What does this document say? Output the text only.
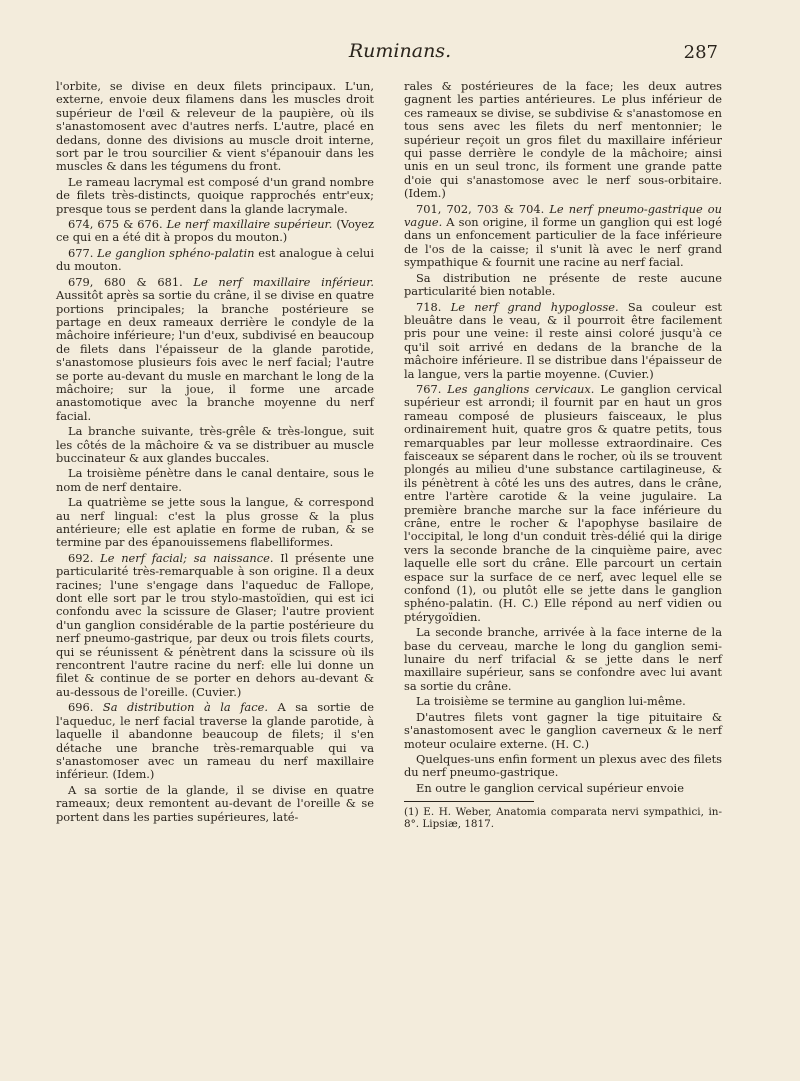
Ruminans.	287

l'orbite, se divise en deux filets principaux. L'un, externe, envoie deux filamens dans les muscles droit supérieur de l'œil & releveur de la paupière, où ils s'anastomosent avec d'autres nerfs. L'autre, placé en dedans, donne des divisions au muscle droit interne, sort par le trou sourcilier & vient s'épanouir dans les muscles & dans les tégumens du front.

Le rameau lacrymal est composé d'un grand nombre de filets très-distincts, quoique rapprochés entr'eux; presque tous se perdent dans la glande lacrymale.

674, 675 & 676. Le nerf maxillaire supérieur. (Voyez ce qui en a été dit à propos du mouton.)

677. Le ganglion sphéno-palatin est analogue à celui du mouton.

679, 680 & 681. Le nerf maxillaire inférieur. Aussitôt après sa sortie du crâne, il se divise en quatre portions principales; la branche postérieure se partage en deux rameaux derrière le condyle de la mâchoire inférieure; l'un d'eux, subdivisé en beaucoup de filets dans l'épaisseur de la glande parotide, s'anastomose plusieurs fois avec le nerf facial; l'autre se porte au-devant du musle en marchant le long de la mâchoire; sur la joue, il forme une arcade anastomotique avec la branche moyenne du nerf facial.

La branche suivante, très-grêle & très-longue, suit les côtés de la mâchoire & va se distribuer au muscle buccinateur & aux glandes buccales.

La troisième pénètre dans le canal dentaire, sous le nom de nerf dentaire.

La quatrième se jette sous la langue, & correspond au nerf lingual: c'est la plus grosse & la plus antérieure; elle est aplatie en forme de ruban, & se termine par des épanouissemens flabelliformes.

692. Le nerf facial; sa naissance. Il présente une particularité très-remarquable à son origine. Il a deux racines; l'une s'engage dans l'aqueduc de Fallope, dont elle sort par le trou stylo-mastoïdien, qui est ici confondu avec la scissure de Glaser; l'autre provient d'un ganglion considérable de la partie postérieure du nerf pneumo-gastrique, par deux ou trois filets courts, qui se réunissent & pénètrent dans la scissure où ils rencontrent l'autre racine du nerf: elle lui donne un filet & continue de se porter en dehors au-devant & au-dessous de l'oreille. (Cuvier.)

696. Sa distribution à la face. A sa sortie de l'aqueduc, le nerf facial traverse la glande parotide, à laquelle il abandonne beaucoup de filets; il s'en détache une branche très-remarquable qui va s'anastomoser avec un rameau du nerf maxillaire inférieur. (Idem.)

A sa sortie de la glande, il se divise en quatre rameaux; deux remontent au-devant de l'oreille & se portent dans les parties supérieures, laté-

rales & postérieures de la face; les deux autres gagnent les parties antérieures. Le plus inférieur de ces rameaux se divise, se subdivise & s'anastomose en tous sens avec les filets du nerf mentonnier; le supérieur reçoit un gros filet du maxillaire inférieur qui passe derrière le condyle de la mâchoire; ainsi unis en un seul tronc, ils forment une grande patte d'oie qui s'anastomose avec le nerf sous-orbitaire. (Idem.)

701, 702, 703 & 704. Le nerf pneumo-gastrique ou vague. A son origine, il forme un ganglion qui est logé dans un enfoncement particulier de la face inférieure de l'os de la caisse; il s'unit là avec le nerf grand sympathique & fournit une racine au nerf facial.

Sa distribution ne présente de reste aucune particularité bien notable.

718. Le nerf grand hypoglosse. Sa couleur est bleuâtre dans le veau, & il pourroit être facilement pris pour une veine: il reste ainsi coloré jusqu'à ce qu'il soit arrivé en dedans de la branche de la mâchoire inférieure. Il se distribue dans l'épaisseur de la langue, vers la partie moyenne. (Cuvier.)

767. Les ganglions cervicaux. Le ganglion cervical supérieur est arrondi; il fournit par en haut un gros rameau composé de plusieurs faisceaux, le plus ordinairement huit, quatre gros & quatre petits, tous remarquables par leur mollesse extraordinaire. Ces faisceaux se séparent dans le rocher, où ils se trouvent plongés au milieu d'une substance cartilagineuse, & ils pénètrent à côté les uns des autres, dans le crâne, entre l'artère carotide & la veine jugulaire. La première branche marche sur la face inférieure du crâne, entre le rocher & l'apophyse basilaire de l'occipital, le long d'un conduit très-délié qui la dirige vers la seconde branche de la cinquième paire, avec laquelle elle sort du crâne. Elle parcourt un certain espace sur la surface de ce nerf, avec lequel elle se confond (1), ou plutôt elle se jette dans le ganglion sphéno-palatin. (H. C.) Elle répond au nerf vidien ou ptérygoïdien.

La seconde branche, arrivée à la face interne de la base du cerveau, marche le long du ganglion semi-lunaire du nerf trifacial & se jette dans le nerf maxillaire supérieur, sans se confondre avec lui avant sa sortie du crâne.

La troisième se termine au ganglion lui-même.

D'autres filets vont gagner la tige pituitaire & s'anastomosent avec le ganglion caverneux & le nerf moteur oculaire externe. (H. C.)

Quelques-uns enfin forment un plexus avec des filets du nerf pneumo-gastrique.

En outre le ganglion cervical supérieur envoie

(1) E. H. Weber, Anatomia comparata nervi sympathici, in-8°. Lipsiæ, 1817.
